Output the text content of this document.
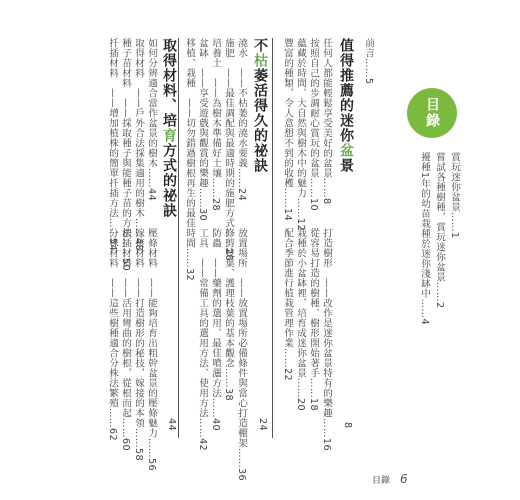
前言……5
目錄
賞玩迷你盆景……1
嘗試各種樹種，賞玩迷你盆景……2
擾種1年的幼苗栽種於迷你淺缽中……4
值得推薦的迷你盆景
8
任何人都能輕鬆享受美好的盆景……8
按照自己的步調耐心賞玩的盆景……10
蘊藏於時間、大自然與樹木中的魅力……12
豐富的種類，令人意想不到的收穫……14
打造樹形　——改作是迷你盆景特有的樂趣……16
從容易打造的樹種、樹形開始著手……18
栽種於小盆缽裡，培育成迷你盆景……20
配合季節進行植栽管理作業……22
不枯萎活得久的祕訣
24
澆水　——不枯萎的澆水要義……24
施肥　——最佳調配與最適時期的施肥方式……26
培養土　——為樹木準備好土壤……28
盆缽　——享受遊戲與觀賞的樂趣……30
移植、栽種　——切勿錯過樹根再生的最佳時間……32
放置場所　——放置場所必備條件與當心打造棚架……36
修剪枝葉、護理枝葉的基本觀念……38
防蟲　——藥劑的選用、最佳噴灑方法……40
工具　——常備工具的選用方法、使用方法……42
取得材料、培育方式的祕訣
44
如何分辨適合當作盆景的樹木……44
取得材料　——戶外合法採集適用的樹木……48
種子苗材料　——採取種子與能種子苗的方法……50
扦插材料　——增加植株的簡單扦插方法……54
壓條材料　——能夠培育出粗幹盆景的壓條魅力……56
嫁接材料　——打造樹形的秘技，嫁接的本領……58
根插材料　——活用彎曲的樹根，從根而起……60
分株材料　——這些樹種適合分株法繁殖……62
目錄 6
